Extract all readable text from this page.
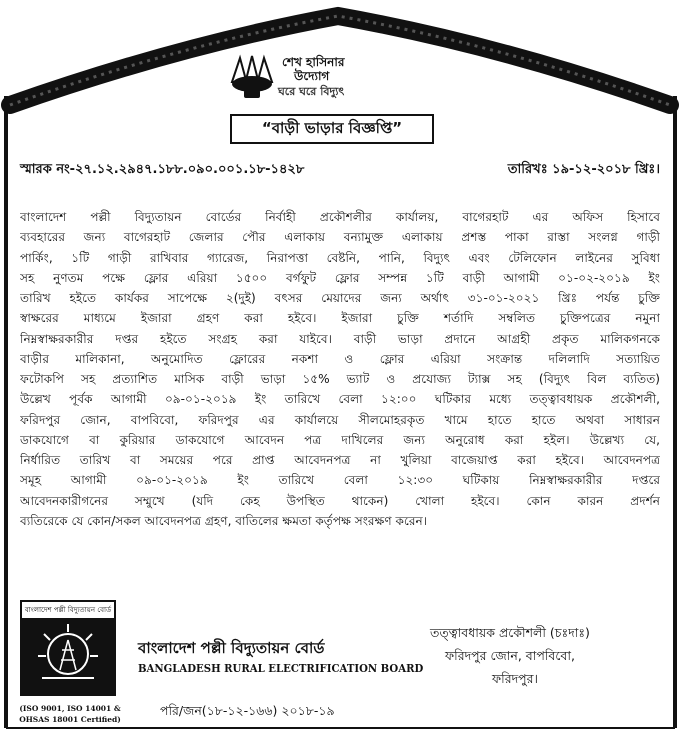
শেখ হাসিনার
উদ্যোগ
ঘরে ঘরে বিদ্যুৎ
“বাড়ী ভাড়ার বিজ্ঞপ্তি”
স্মারক নং-২৭.১২.২৯৪৭.১৮৮.০৯০.০০১.১৮-১৪২৮	তারিখঃ ১৯-১২-২০১৮ খ্রিঃ।
বাংলাদেশ পল্লী বিদ্যুতায়ন বোর্ডের নির্বাহী প্রকৌশলীর কার্যালয়, বাগেরহাট এর অফিস হিসাবে
ব্যবহারের জন্য বাগেরহাট জেলার পৌর এলাকায় বন্যামুক্ত এলাকায় প্রশস্ত পাকা রাস্তা সংলগ্ন গাড়ী
পার্কিং, ১টি গাড়ী রাখিবার গ্যারেজ, নিরাপত্তা বেষ্টনি, পানি, বিদ্যুৎ এবং টেলিফোন লাইনের সুবিধা
সহ নুণতম পক্ষে ফ্লোর এরিয়া ১৫০০ বর্গফুট ফ্লোর সম্পন্ন ১টি বাড়ী আগামী ০১-০২-২০১৯ ইং
তারিখ হইতে কার্যকর সাপেক্ষে ২(দুই) বৎসর মেয়াদের জন্য অর্থাৎ ৩১-০১-২০২১ খ্রিঃ পর্যন্ত চুক্তি
স্বাক্ষরের মাধ্যমে ইজারা গ্রহণ করা হইবে। ইজারা চুক্তি শর্তাদি সম্বলিত চুক্তিপত্রের নমুনা
নিম্নস্বাক্ষরকারীর দপ্তর হইতে সংগ্রহ করা যাইবে। বাড়ী ভাড়া প্রদানে আগ্রহী প্রকৃত মালিকগনকে
বাড়ীর মালিকানা, অনুমোদিত ফ্লোরের নকশা ও ফ্লোর এরিয়া সংক্রান্ত দলিলাদি সত্যায়িত
ফটোকপি সহ প্রত্যাশিত মাসিক বাড়ী ভাড়া ১৫% ভ্যাট ও প্রযোজ্য ট্যাক্স সহ (বিদ্যুৎ বিল ব্যতিত)
উল্লেখ পূর্বক আগামী ০৯-০১-২০১৯ ইং তারিখে বেলা ১২:০০ ঘটিকার মধ্যে তত্ত্বাবধায়ক প্রকৌশলী,
ফরিদপুর জোন, বাপবিবো, ফরিদপুর এর কার্যালয়ে সীলমোহরকৃত খামে হাতে হাতে অথবা সাধারন
ডাকযোগে বা কুরিয়ার ডাকযোগে আবেদন পত্র দাখিলের জন্য অনুরোধ করা হইল। উল্লেখ্য যে,
নির্ধারিত তারিখ বা সময়ের পরে প্রাপ্ত আবেদনপত্র না খুলিয়া বাজেয়াপ্ত করা হইবে। আবেদনপত্র
সমূহ আগামী ০৯-০১-২০১৯ ইং তারিখে বেলা ১২:৩০ ঘটিকায় নিম্নস্বাক্ষরকারীর দপ্তরে
আবেদনকারীগনের সম্মুখে (যদি কেহ উপস্থিত থাকেন) খোলা হইবে। কোন কারন প্রদর্শন
ব্যতিরেকে যে কোন/সকল আবেদনপত্র গ্রহণ, বাতিলের ক্ষমতা কর্তৃপক্ষ সংরক্ষণ করেন।
বাংলাদেশ পল্লী বিদ্যুতায়ন বোর্ড
(ISO 9001, ISO 14001 & OHSAS 18001 Certified)
বাংলাদেশ পল্লী বিদ্যুতায়ন বোর্ড
BANGLADESH RURAL ELECTRIFICATION BOARD
পরি/জন(১৮-১২-১৬৬) ২০১৮-১৯
তত্ত্বাবধায়ক প্রকৌশলী (চঃদাঃ)
ফরিদপুর জোন, বাপবিবো,
ফরিদপুর।
